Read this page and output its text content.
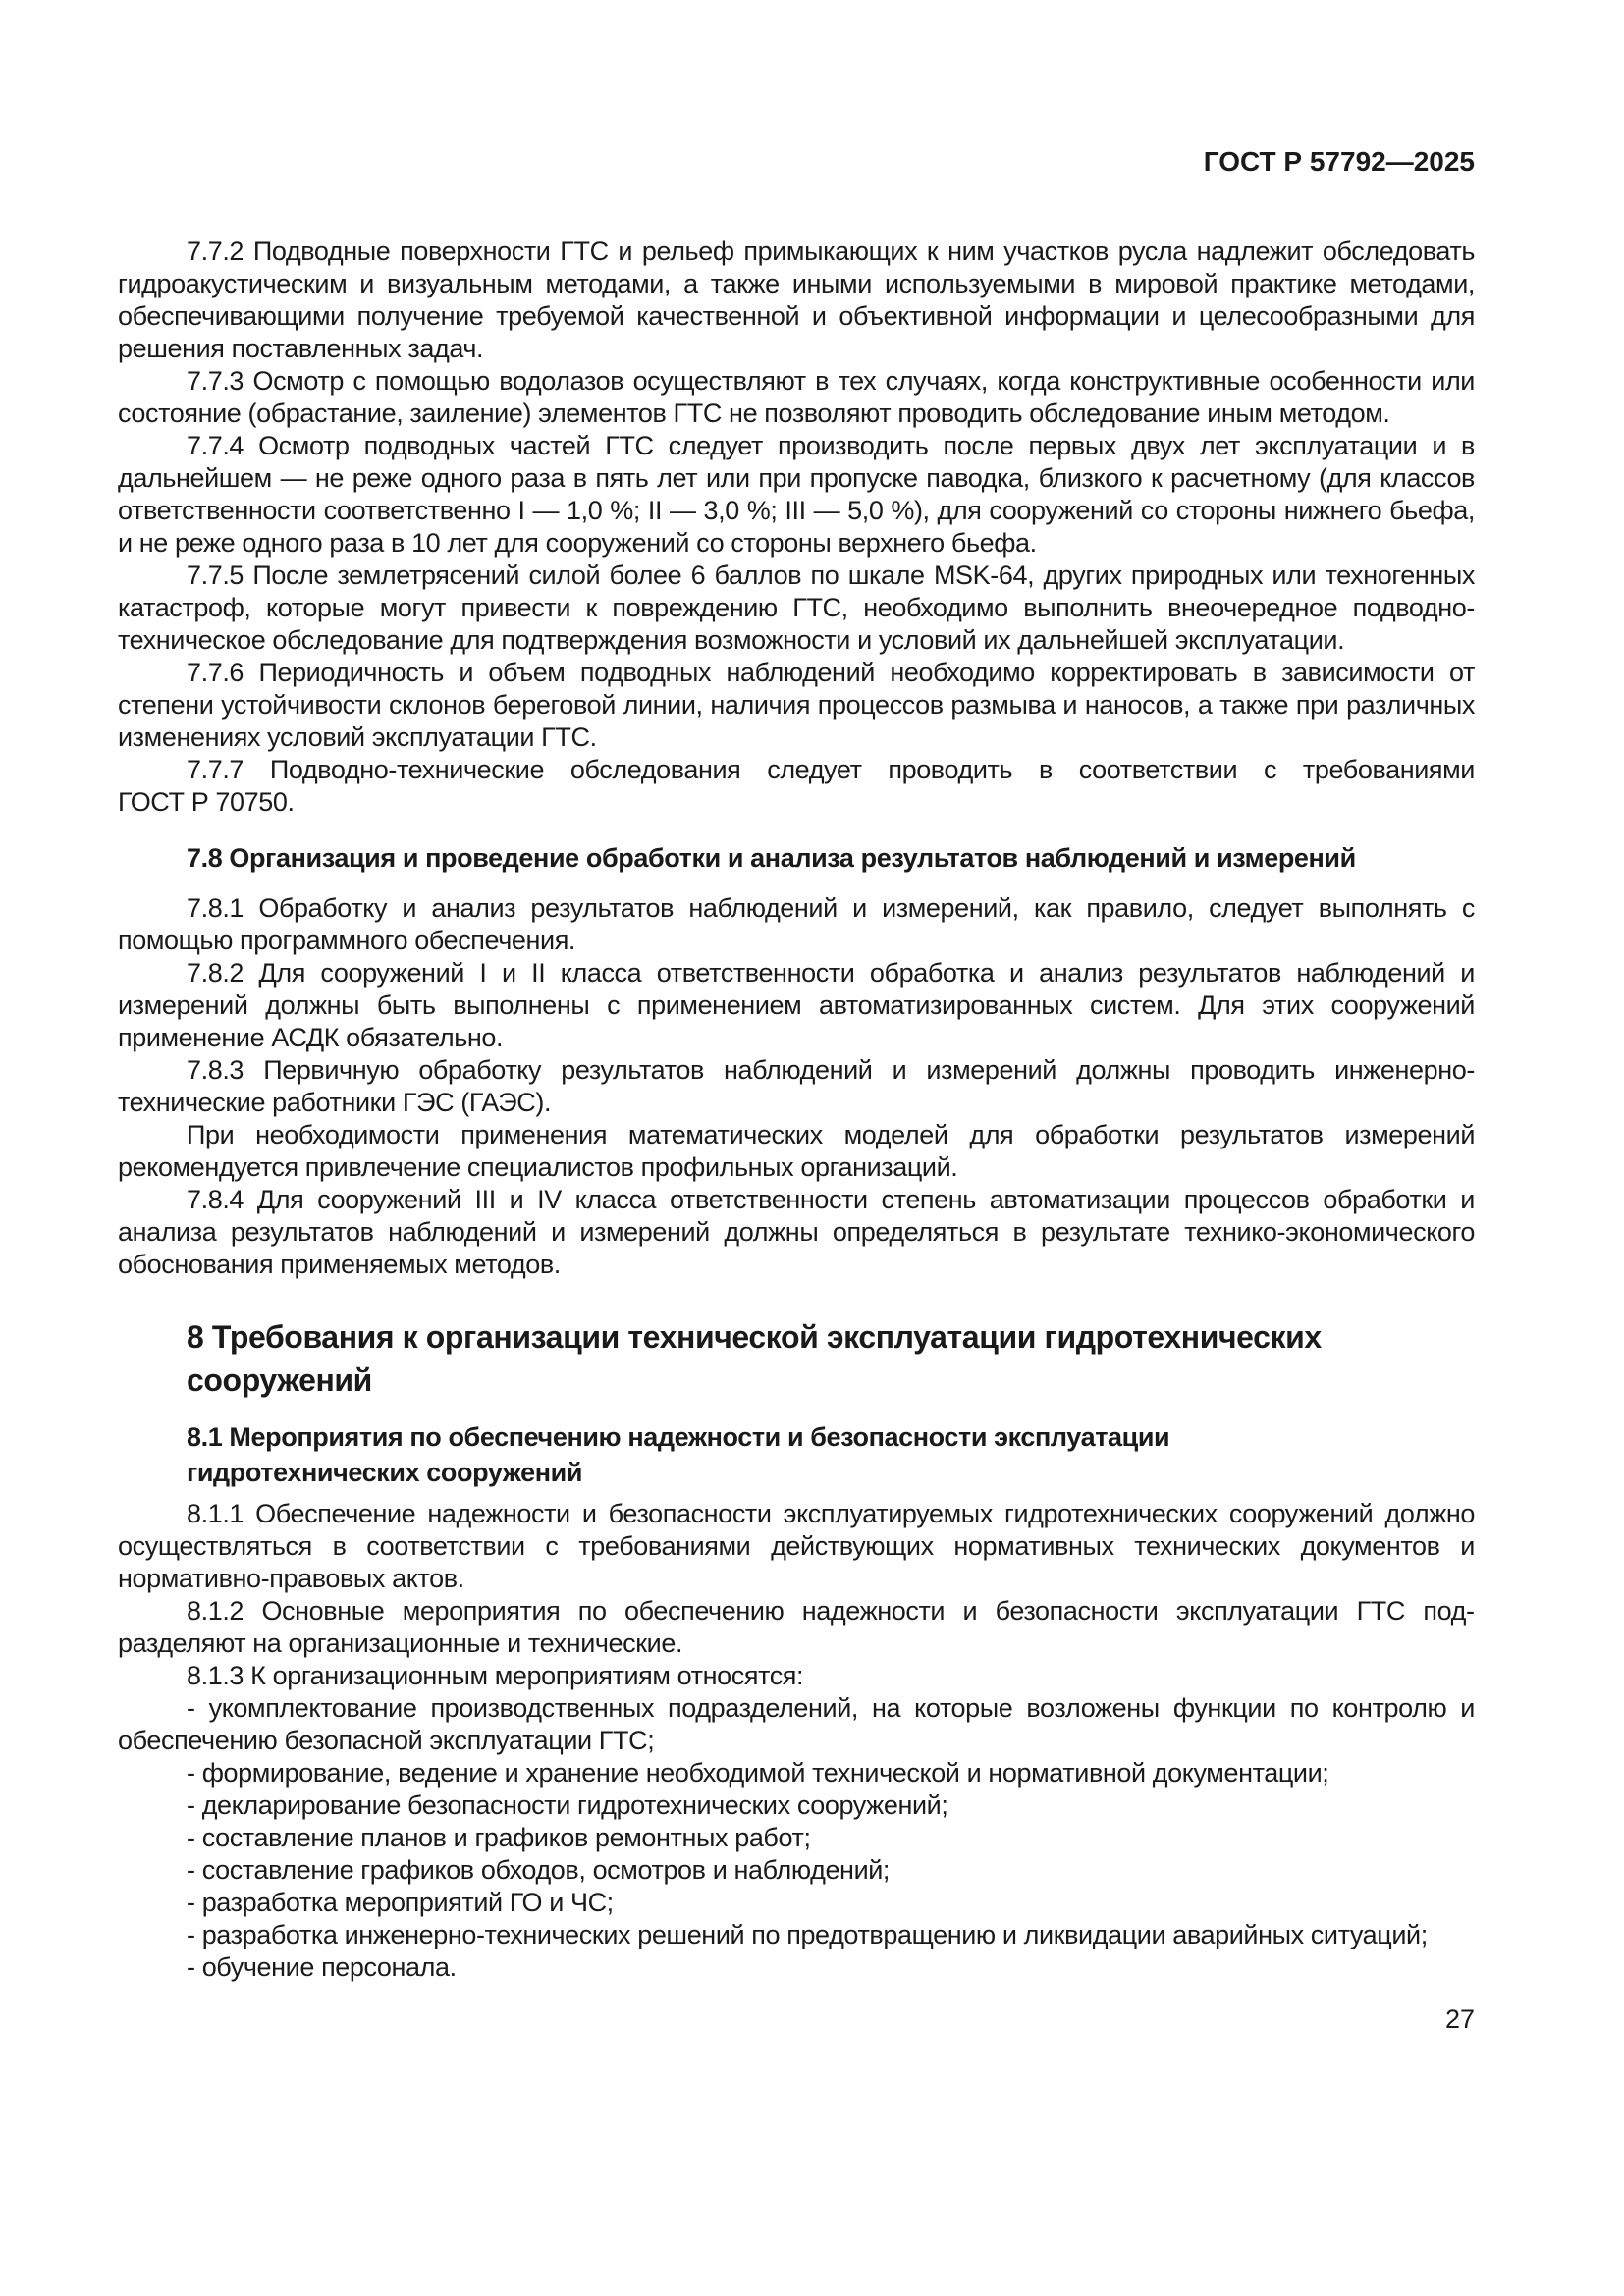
ГОСТ Р 57792—2025

7.7.2 Подводные поверхности ГТС и рельеф примыкающих к ним участков русла надлежит обследовать гидроакустическим и визуальным методами, а также иными используемыми в мировой практике методами, обеспечивающими получение требуемой качественной и объективной информации и целесообразными для решения поставленных задач.

7.7.3 Осмотр с помощью водолазов осуществляют в тех случаях, когда конструктивные особенности или состояние (обрастание, заиление) элементов ГТС не позволяют проводить обследование иным методом.

7.7.4 Осмотр подводных частей ГТС следует производить после первых двух лет эксплуатации и в дальнейшем — не реже одного раза в пять лет или при пропуске паводка, близкого к расчетному (для классов ответственности соответственно I — 1,0 %; II — 3,0 %; III — 5,0 %), для сооружений со стороны нижнего бьефа, и не реже одного раза в 10 лет для сооружений со стороны верхнего бьефа.

7.7.5 После землетрясений силой более 6 баллов по шкале MSK-64, других природных или техногенных катастроф, которые могут привести к повреждению ГТС, необходимо выполнить внеочередное подводно-техническое обследование для подтверждения возможности и условий их дальнейшей эксплуатации.

7.7.6 Периодичность и объем подводных наблюдений необходимо корректировать в зависимости от степени устойчивости склонов береговой линии, наличия процессов размыва и наносов, а также при различных изменениях условий эксплуатации ГТС.

7.7.7 Подводно-технические обследования следует проводить в соответствии с требованиями ГОСТ Р 70750.

7.8 Организация и проведение обработки и анализа результатов наблюдений и измерений

7.8.1 Обработку и анализ результатов наблюдений и измерений, как правило, следует выполнять с помощью программного обеспечения.

7.8.2 Для сооружений I и II класса ответственности обработка и анализ результатов наблюдений и измерений должны быть выполнены с применением автоматизированных систем. Для этих сооружений применение АСДК обязательно.

7.8.3 Первичную обработку результатов наблюдений и измерений должны проводить инженерно-технические работники ГЭС (ГАЭС).

При необходимости применения математических моделей для обработки результатов измерений рекомендуется привлечение специалистов профильных организаций.

7.8.4 Для сооружений III и IV класса ответственности степень автоматизации процессов обработки и анализа результатов наблюдений и измерений должны определяться в результате технико-экономического обоснования применяемых методов.

8 Требования к организации технической эксплуатации гидротехнических
сооружений
8.1 Мероприятия по обеспечению надежности и безопасности эксплуатации
гидротехнических сооружений

8.1.1 Обеспечение надежности и безопасности эксплуатируемых гидротехнических сооружений должно осуществляться в соответствии с требованиями действующих нормативных технических документов и нормативно-правовых актов.

8.1.2 Основные мероприятия по обеспечению надежности и безопасности эксплуатации ГТС подразделяют на организационные и технические.

8.1.3 К организационным мероприятиям относятся:

- укомплектование производственных подразделений, на которые возложены функции по контролю и обеспечению безопасной эксплуатации ГТС;

- формирование, ведение и хранение необходимой технической и нормативной документации;

- декларирование безопасности гидротехнических сооружений;

- составление планов и графиков ремонтных работ;

- составление графиков обходов, осмотров и наблюдений;

- разработка мероприятий ГО и ЧС;

- разработка инженерно-технических решений по предотвращению и ликвидации аварийных ситуаций;

- обучение персонала.

27
